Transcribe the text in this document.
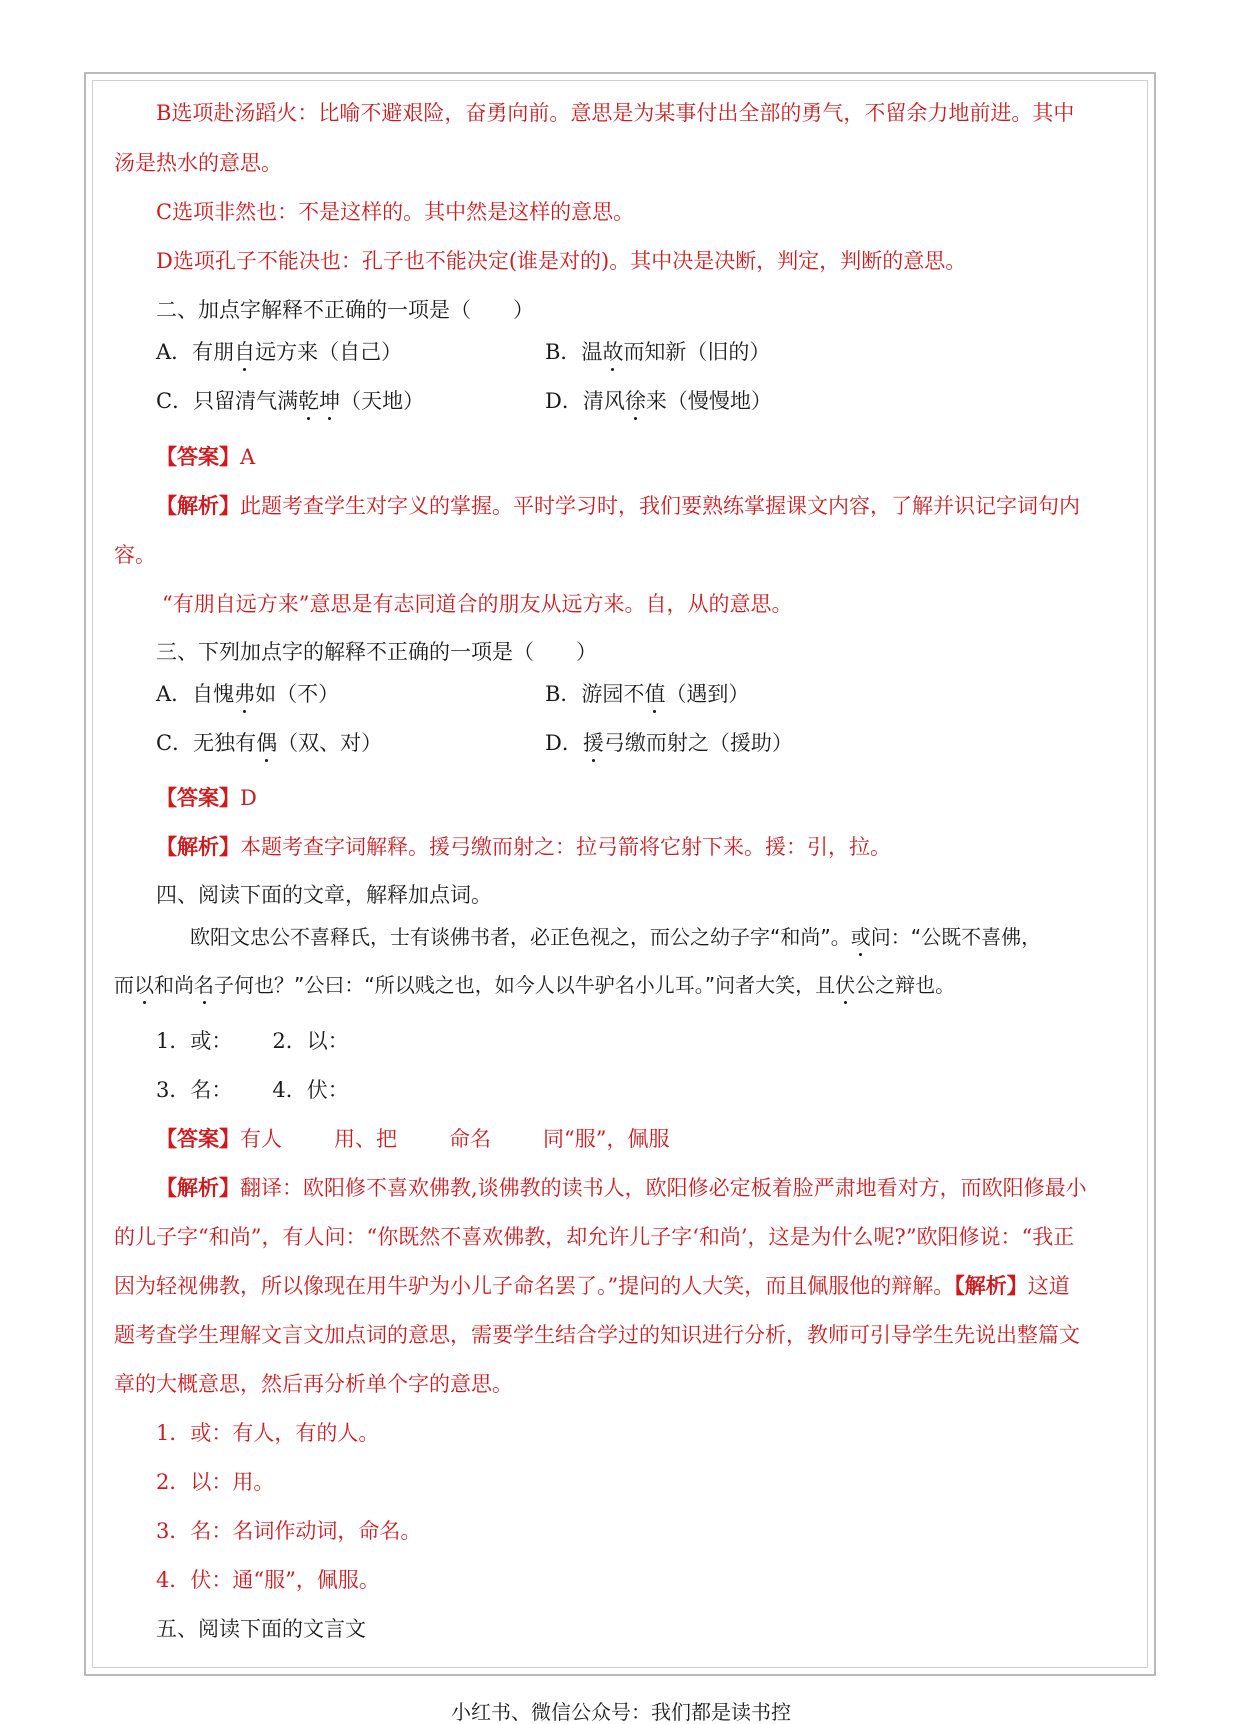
B选项赴汤蹈火：比喻不避艰险，奋勇向前。意思是为某事付出全部的勇气，不留余力地前进。其中
汤是热水的意思。
C选项非然也：不是这样的。其中然是这样的意思。
D选项孔子不能决也：孔子也不能决定(谁是对的)。其中决是决断，判定，判断的意思。
二、加点字解释不正确的一项是（　　）
A．有朋自远方来（自己）	B．温故而知新（旧的）
C．只留清气满乾坤（天地）	D．清风徐来（慢慢地）
【答案】A
【解析】此题考查学生对字义的掌握。平时学习时，我们要熟练掌握课文内容，了解并识记字词句内
容。
“有朋自远方来”意思是有志同道合的朋友从远方来。自，从的意思。
三、下列加点字的解释不正确的一项是（　　）
A．自愧弗如（不）	B．游园不值（遇到）
C．无独有偶（双、对）	D．援弓缴而射之（援助）
【答案】D
【解析】本题考查字词解释。援弓缴而射之：拉弓箭将它射下来。援：引，拉。
四、阅读下面的文章，解释加点词。
欧阳文忠公不喜释氏，士有谈佛书者，必正色视之，而公之幼子字“和尚”。或问：“公既不喜佛，
而以和尚名子何也？”公曰：“所以贱之也，如今人以牛驴名小儿耳。”问者大笑，且伏公之辩也。
1．或： 2．以：
3．名： 4．伏：
【答案】有人 用、把 命名 同“服”，佩服
【解析】翻译：欧阳修不喜欢佛教,谈佛教的读书人，欧阳修必定板着脸严肃地看对方，而欧阳修最小
的儿子字“和尚”，有人问：“你既然不喜欢佛教，却允许儿子字‘和尚’，这是为什么呢?”欧阳修说：“我正
因为轻视佛教，所以像现在用牛驴为小儿子命名罢了。”提问的人大笑，而且佩服他的辩解。【解析】这道
题考查学生理解文言文加点词的意思，需要学生结合学过的知识进行分析，教师可引导学生先说出整篇文
章的大概意思，然后再分析单个字的意思。
1．或：有人，有的人。
2．以：用。
3．名：名词作动词，命名。
4．伏：通“服”，佩服。
五、阅读下面的文言文
小红书、微信公众号：我们都是读书控
